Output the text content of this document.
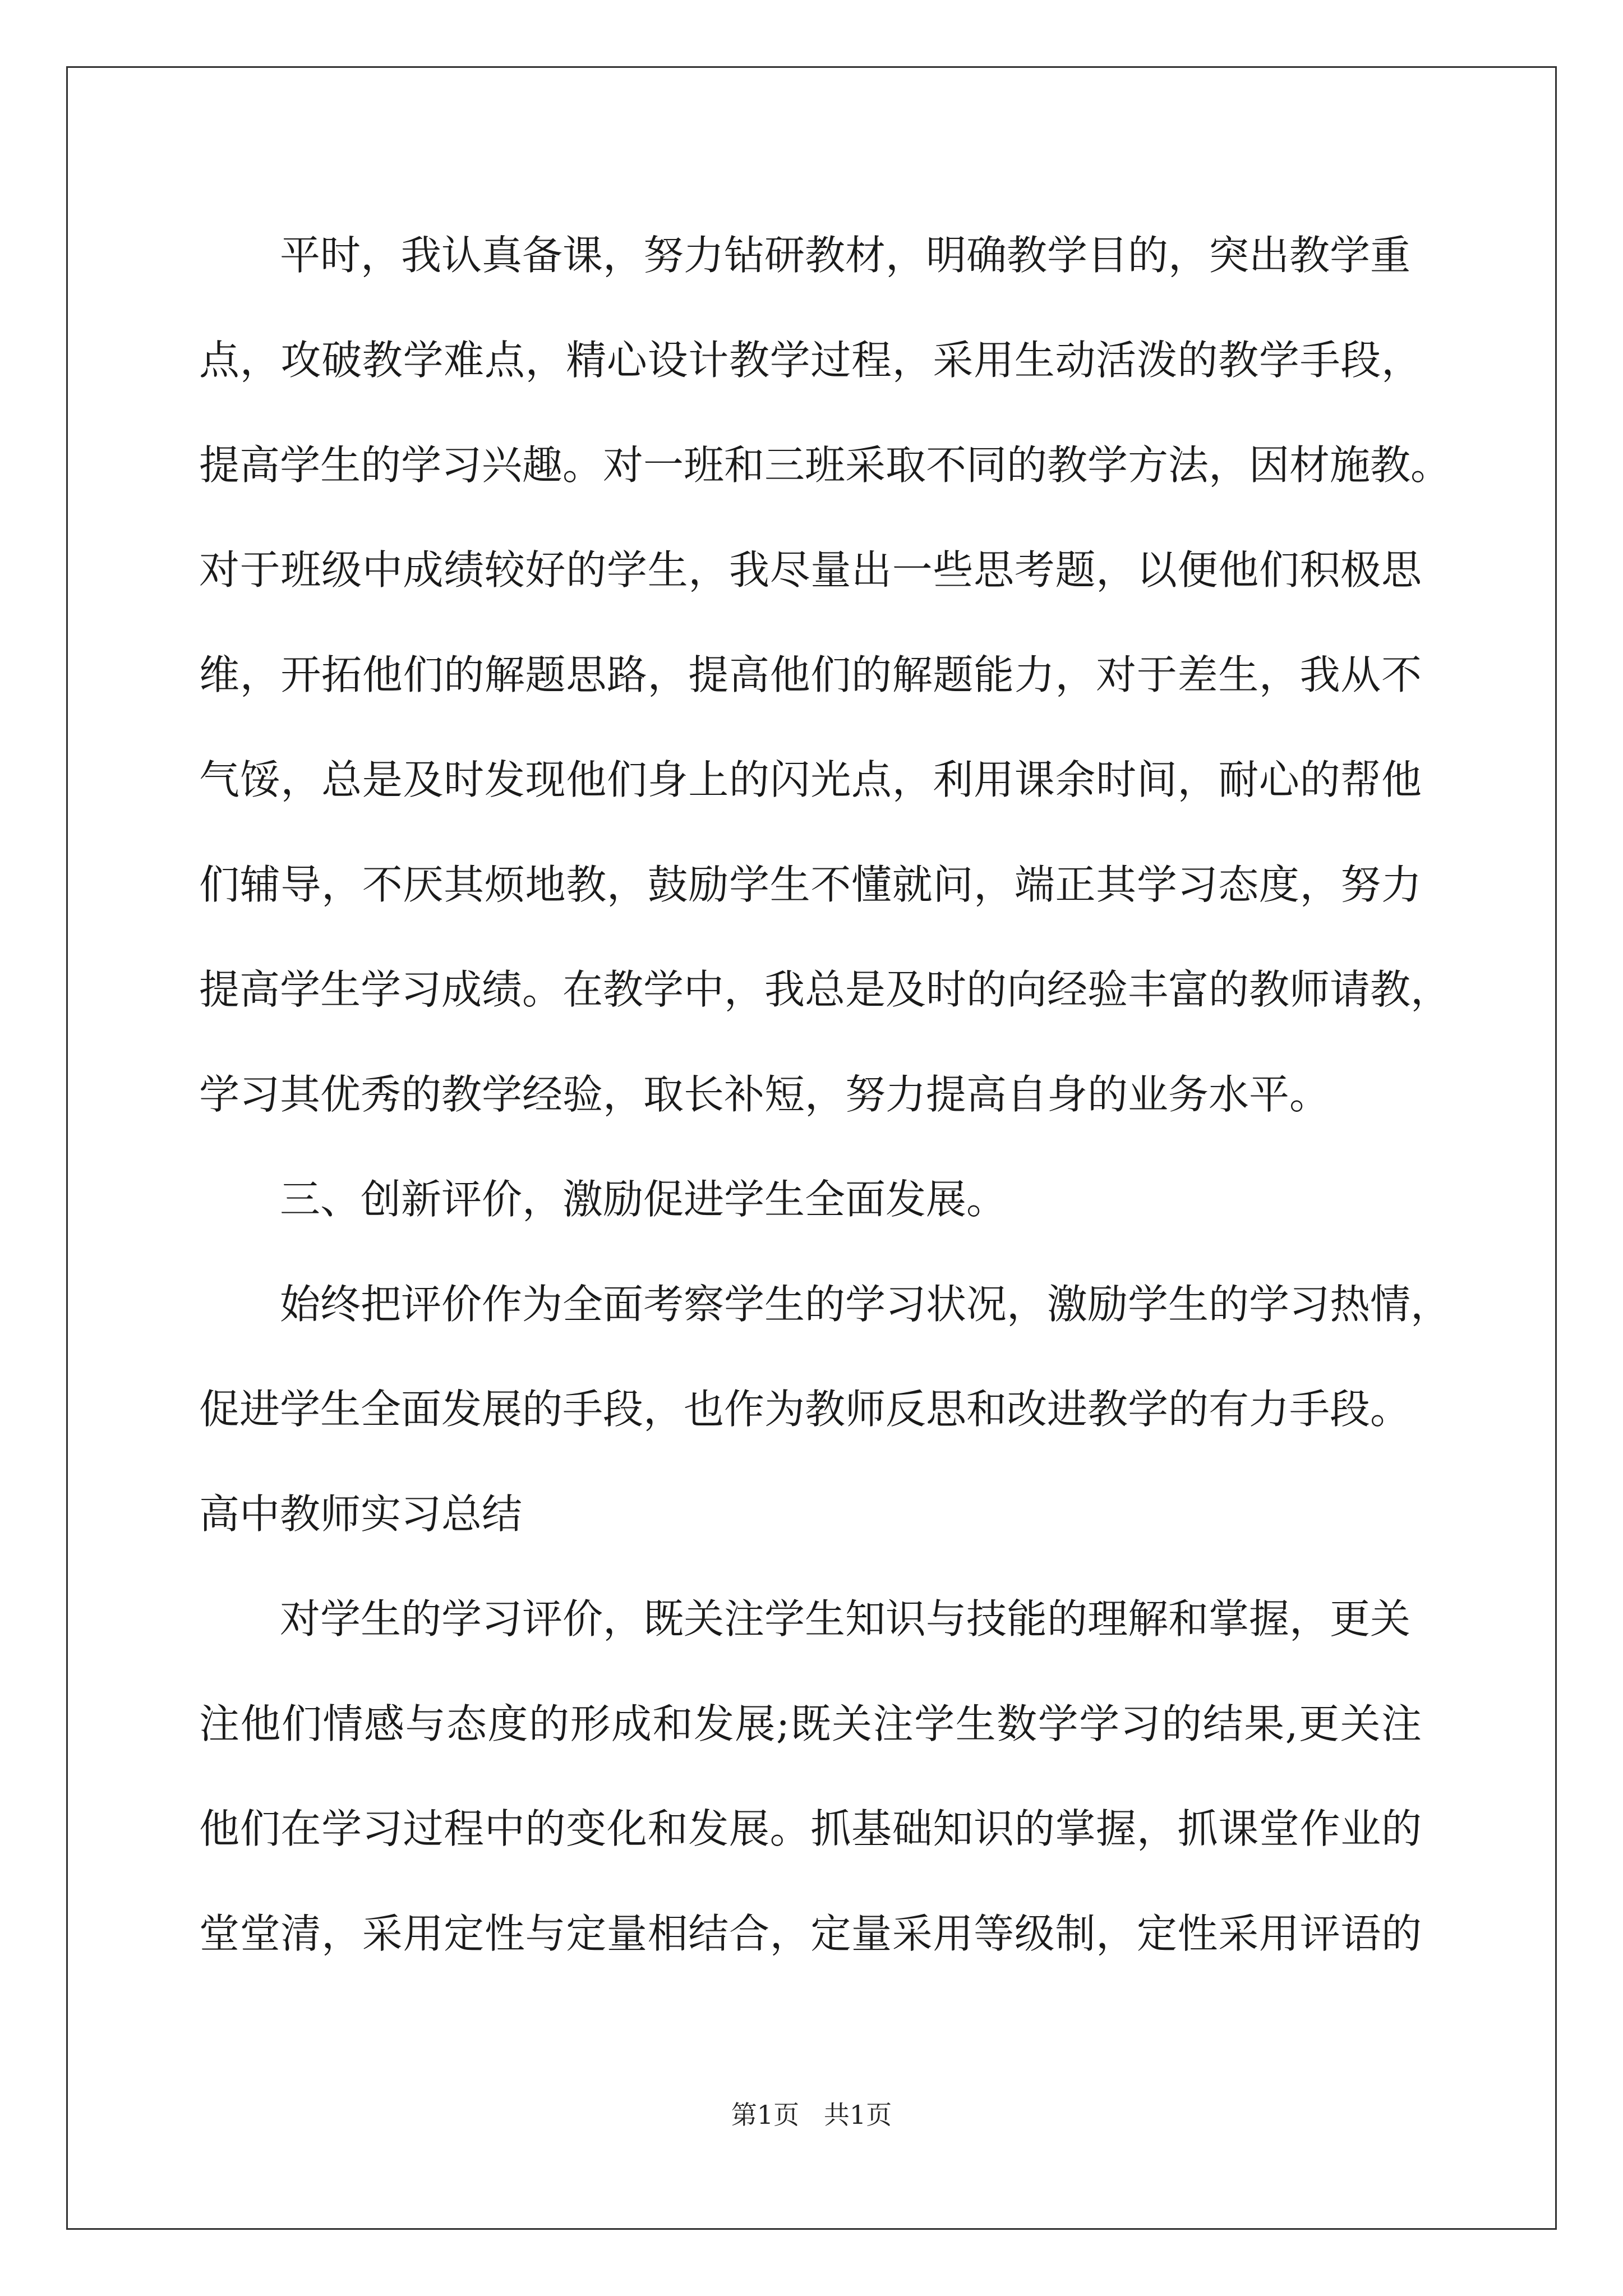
平时，我认真备课，努力钻研教材，明确教学目的，突出教学重
点，攻破教学难点，精心设计教学过程，采用生动活泼的教学手段，
提高学生的学习兴趣。对一班和三班采取不同的教学方法，因材施教。
对于班级中成绩较好的学生，我尽量出一些思考题，以便他们积极思
维，开拓他们的解题思路，提高他们的解题能力，对于差生，我从不
气馁，总是及时发现他们身上的闪光点，利用课余时间，耐心的帮他
们辅导，不厌其烦地教，鼓励学生不懂就问，端正其学习态度，努力
提高学生学习成绩。在教学中，我总是及时的向经验丰富的教师请教，
学习其优秀的教学经验，取长补短，努力提高自身的业务水平。
三、创新评价，激励促进学生全面发展。
始终把评价作为全面考察学生的学习状况，激励学生的学习热情，
促进学生全面发展的手段，也作为教师反思和改进教学的有力手段。
高中教师实习总结
对学生的学习评价，既关注学生知识与技能的理解和掌握，更关
注他们情感与态度的形成和发展;既关注学生数学学习的结果,更关注
他们在学习过程中的变化和发展。抓基础知识的掌握，抓课堂作业的
堂堂清，采用定性与定量相结合，定量采用等级制，定性采用评语的
第1页   共1页
